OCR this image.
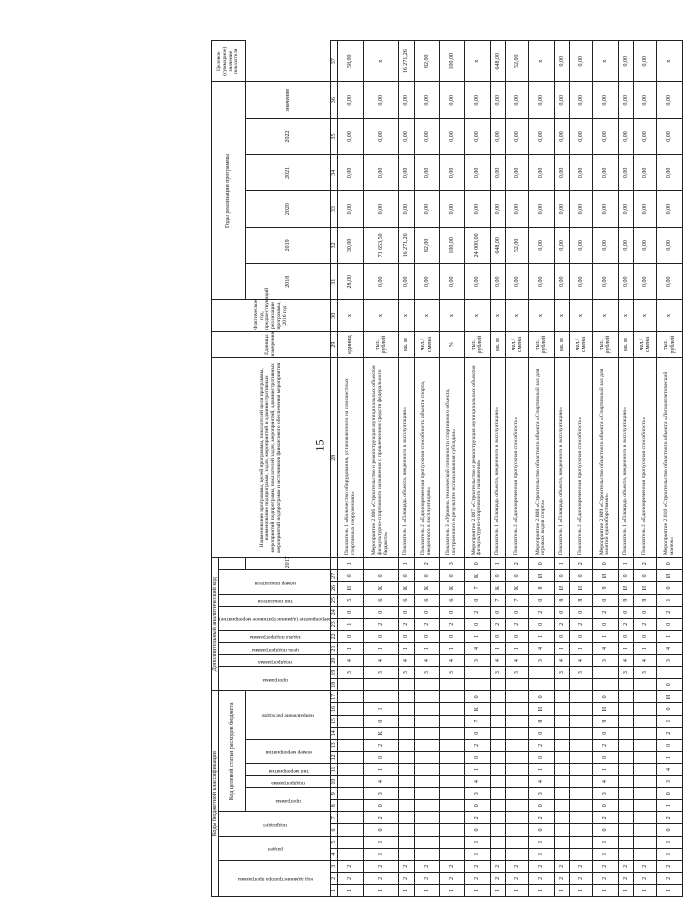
15
Коды бюджетной классификации																	Дополнительный аналитический код											Наименование программы, целей программы, показателей цели программы, наименование подпрограмм, задач, мероприятий и административных мероприятий подпрограмм, показателей задач, мероприятий, административных мероприятий подпрограмм и источников финансового обеспечения мероприятия	Единица измерения	Фактическое год, предшествующий реализации программы, 2016 год	Годы реализации программы						Целевое (суммарное) значение показателя
код администратора программы			раздел		подраздел		Код целевой статьи расходов бюджета										программа		подпрограмма	цель подпрограммы	задача подпрограммы	мероприятие (административное мероприятие)		тип показателя	номер показателя												
							программа		подпрограмма	тип мероприятия	номер мероприятия		направление расходов														2017				2018	2019	2020	2021	2022	значение	
1	2	3	4	5	6	7	8	9	10	11	12	13	14	15	16	17	18	19	20	21	22	23	24	25	26	27		28	29	30	31	32	33	34	35	36	37
1	2	2																3	4	1	0	1	0	5	И	0	1	Показатель 1 «Количество оборудования, установленного на плоскостных спортивных сооружениях»	единиц	x	28,00	30,00	0,00	0,00	0,00	0,00	58,00
1	2	2	1	1	0	2	0	3	4	1	0	2	К	0	1			3	4	1	0	2	0	6	К	0		Мероприятие 2.006 «Строительство и реконструкция муниципальных объектов физкультурно-спортивного назначения с привлечением средств федерального бюджета»	тыс. рублей	x	0,00	71 653,50	0,00	0,00	0,00	0,00	x
1	2	2																3	4	1	0	2	0	6	К	0	1	Показатель 1 «Площадь объекта, введенного в эксплуатацию»	кв. м	x	0,00	16 271,26	0,00	0,00	0,00	0,00	16 271,26
1	2	2																3	4	1	0	2	0	6	К	0	2	Показатель 2 «Единовременная пропускная способность объекта спорта, введенного в эксплуатацию»	чел./ смена	x	0,00	82,00	0,00	0,00	0,00	0,00	82,00
1	2	2																3	4	1	0	2	0	6	К	0	3	Показатель 3 «Уровень технической готовности спортивного объекта, построенного в результате использования субсидии»	%	x	0,00	100,00	0,00	0,00	0,00	0,00	100,00
1	2	2	1	1	0	2	0	3	4	1	0	2	0	7	К	0			3	4	1	0	2	0	7	К	0	Мероприятие 2.007 «Строительство и реконструкция муниципальных объектов физкультурно-спортивного назначения»	тыс. рублей	x	0,00	24 000,00	0,00	0,00	0,00	0,00	x
1	2	2																3	4	1	0	2	0	7	К	0	1	Показатель 1 «Площадь объекта, введенного в эксплуатацию»	кв. м	x	0,00	648,00	0,00	0,00	0,00	0,00	648,00
1	2	2																3	4	1	0	2	0	7	К	0	2	Показатель 2 «Единовременная пропускная способность»	чел./ смена	x	0,00	52,00	0,00	0,00	0,00	0,00	52,00
1	2	2	1	1	0	2	0	3	4	1	0	2	0	8	И	0			3	4	1	0	2	0	8	И	0	Мероприятие 2.008 «Строительство областного объекта «Спортивный зал для игровых видов спорта»	тыс. рублей	x	0,00	0,00	0,00	0,00	0,00	0,00	x
1	2	2																3	4	1	0	2	0	8	И	0	1	Показатель 1 «Площадь объекта, введенного в эксплуатацию»	кв. м	x	0,00	0,00	0,00	0,00	0,00	0,00	0,00
1	2	2																3	4	1	0	2	0	8	И	0	2	Показатель 2 «Единовременная пропускная способность»	чел./ смена	x	0,00	0,00	0,00	0,00	0,00	0,00	0,00
1	2	2	1	1	0	2	0	3	4	1	0	2	0	9	И	0			3	4	1	0	2	0	9	И	0	Мероприятие 2.009 «Строительство областного объекта «Спортивный зал для занятий единоборствами»	тыс. рублей	x	0,00	0,00	0,00	0,00	0,00	0,00	x
1	2	2																3	4	1	0	2	0	9	И	0	1	Показатель 1 «Площадь объекта, введенного в эксплуатацию»	кв. м	x	0,00	0,00	0,00	0,00	0,00	0,00	0,00
1	2	2																3	4	1	0	2	0	9	И	0	2	Показатель 2 «Единовременная пропускная способность»	чел./ смена	x	0,00	0,00	0,00	0,00	0,00	0,00	0,00
1	2	2	1	1	0	2	1	0	3	4	1	0	2	1	0	И	0		3	4	1	0	2	1	0	И	0	Мероприятие 2.010 «Строительство областного объекта «Легкоатлетический манеж»	тыс. рублей	x	0,00	0,00	0,00	0,00	0,00	0,00	x
